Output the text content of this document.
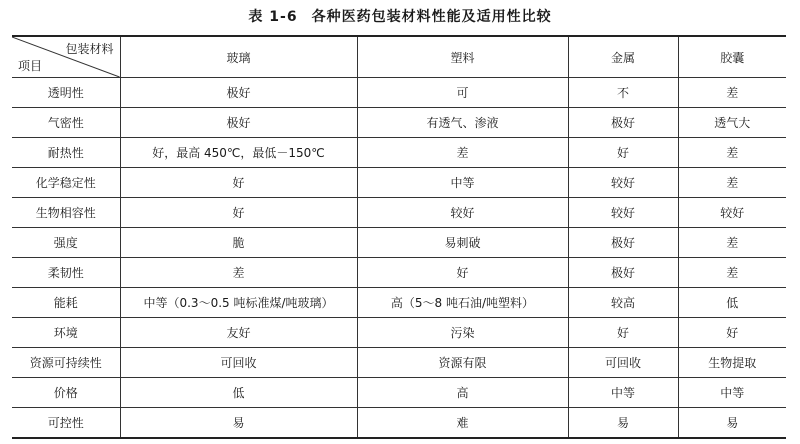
表 1-6 各种医药包装材料性能及适用性比较
包装材料
项目	玻璃	塑料	金属	胶囊
透明性	极好	可	不	差
气密性	极好	有透气、渗液	极好	透气大
耐热性	好，最高 450℃，最低－150℃	差	好	差
化学稳定性	好	中等	较好	差
生物相容性	好	较好	较好	较好
强度	脆	易刺破	极好	差
柔韧性	差	好	极好	差
能耗	中等（0.3～0.5 吨标准煤/吨玻璃）	高（5～8 吨石油/吨塑料）	较高	低
环境	友好	污染	好	好
资源可持续性	可回收	资源有限	可回收	生物提取
价格	低	高	中等	中等
可控性	易	难	易	易
